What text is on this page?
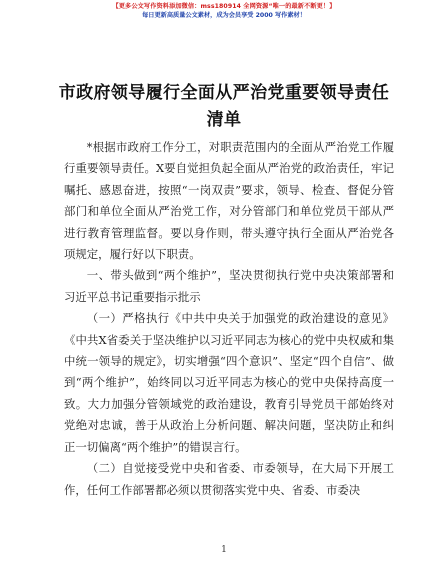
【更多公文写作资料添加微信：mss180914 全网资源“唯一的最新不断更！】
每日更新高质量公文素材，成为会员享受 2000 写作素材！
市政府领导履行全面从严治党重要领导责任清单

*根据市政府工作分工，对职责范围内的全面从严治党工作履行重要领导责任。X要自觉担负起全面从严治党的政治责任，牢记嘱托、感恩奋进，按照“一岗双责”要求，领导、检查、督促分管部门和单位全面从严治党工作，对分管部门和单位党员干部从严进行教育管理监督。要以身作则，带头遵守执行全面从严治党各项规定，履行好以下职责。

一、带头做到“两个维护”，坚决贯彻执行党中央决策部署和习近平总书记重要指示批示

（一）严格执行《中共中央关于加强党的政治建设的意见》《中共X省委关于坚决维护以习近平同志为核心的党中央权威和集中统一领导的规定》，切实增强“四个意识”、坚定“四个自信”、做到“两个维护”，始终同以习近平同志为核心的党中央保持高度一致。大力加强分管领域党的政治建设，教育引导党员干部始终对党绝对忠诚，善于从政治上分析问题、解决问题，坚决防止和纠正一切偏离“两个维护”的错误言行。

（二）自觉接受党中央和省委、市委领导，在大局下开展工作，任何工作部署都必须以贯彻落实党中央、省委、市委决

1
